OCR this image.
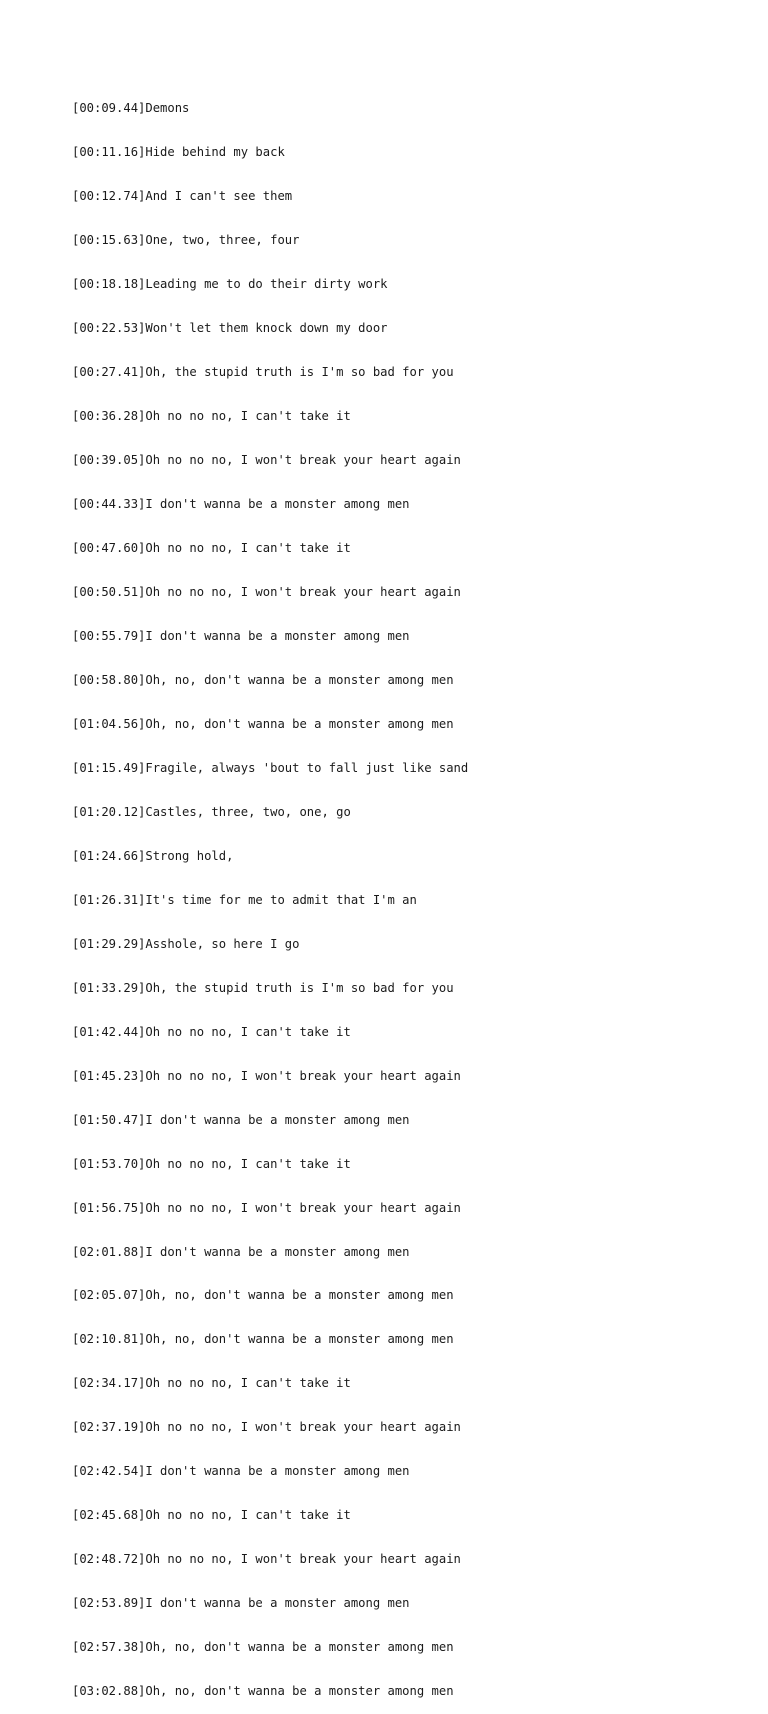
[00:09.44]Demons

[00:11.16]Hide behind my back

[00:12.74]And I can't see them

[00:15.63]One, two, three, four

[00:18.18]Leading me to do their dirty work

[00:22.53]Won't let them knock down my door

[00:27.41]Oh, the stupid truth is I'm so bad for you

[00:36.28]Oh no no no, I can't take it

[00:39.05]Oh no no no, I won't break your heart again

[00:44.33]I don't wanna be a monster among men

[00:47.60]Oh no no no, I can't take it

[00:50.51]Oh no no no, I won't break your heart again

[00:55.79]I don't wanna be a monster among men

[00:58.80]Oh, no, don't wanna be a monster among men

[01:04.56]Oh, no, don't wanna be a monster among men

[01:15.49]Fragile, always 'bout to fall just like sand

[01:20.12]Castles, three, two, one, go

[01:24.66]Strong hold,

[01:26.31]It's time for me to admit that I'm an

[01:29.29]Asshole, so here I go

[01:33.29]Oh, the stupid truth is I'm so bad for you

[01:42.44]Oh no no no, I can't take it

[01:45.23]Oh no no no, I won't break your heart again

[01:50.47]I don't wanna be a monster among men

[01:53.70]Oh no no no, I can't take it

[01:56.75]Oh no no no, I won't break your heart again

[02:01.88]I don't wanna be a monster among men

[02:05.07]Oh, no, don't wanna be a monster among men

[02:10.81]Oh, no, don't wanna be a monster among men

[02:34.17]Oh no no no, I can't take it

[02:37.19]Oh no no no, I won't break your heart again

[02:42.54]I don't wanna be a monster among men

[02:45.68]Oh no no no, I can't take it

[02:48.72]Oh no no no, I won't break your heart again

[02:53.89]I don't wanna be a monster among men

[02:57.38]Oh, no, don't wanna be a monster among men

[03:02.88]Oh, no, don't wanna be a monster among men
